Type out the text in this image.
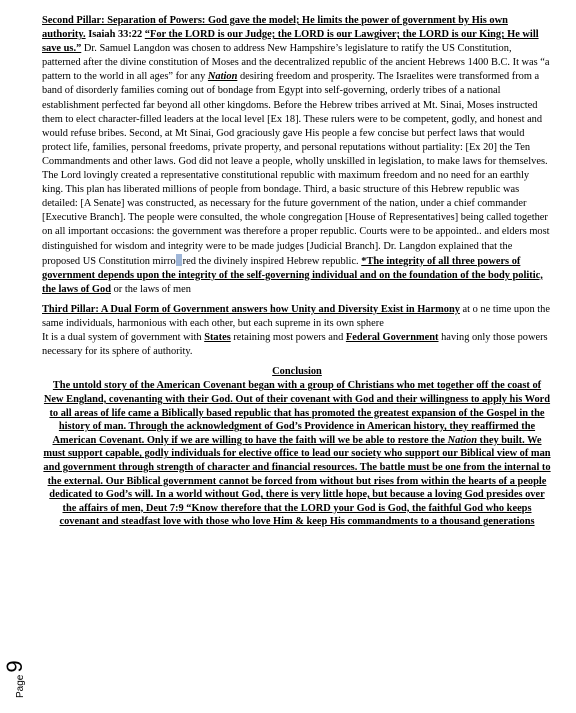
Second Pillar: Separation of Powers: God gave the model; He limits the power of government by His own authority. Isaiah 33:22 “For the LORD is our Judge; the LORD is our Lawgiver; the LORD is our King; He will save us.” Dr. Samuel Langdon was chosen to address New Hampshire’s legislature to ratify the US Constitution, patterned after the divine constitution of Moses and the decentralized republic of the ancient Hebrews 1400 B.C. It was “a pattern to the world in all ages” for any Nation desiring freedom and prosperity. The Israelites were transformed from a band of disorderly families coming out of bondage from Egypt into self-governing, orderly tribes of a national establishment perfected far beyond all other kingdoms. Before the Hebrew tribes arrived at Mt. Sinai, Moses instructed them to elect character-filled leaders at the local level [Ex 18]. These rulers were to be competent, godly, and honest and would refuse bribes. Second, at Mt Sinai, God graciously gave His people a few concise but perfect laws that would protect life, families, personal freedoms, private property, and personal reputations without partiality: [Ex 20] the Ten Commandments and other laws. God did not leave a people, wholly unskilled in legislation, to make laws for themselves. The Lord lovingly created a representative constitutional republic with maximum freedom and no need for an earthly king. This plan has liberated millions of people from bondage. Third, a basic structure of this Hebrew republic was detailed: [A Senate] was constructed, as necessary for the future government of the nation, under a chief commander [Executive Branch]. The people were consulted, the whole congregation [House of Representatives] being called together on all important occasions: the government was therefore a proper republic. Courts were to be appointed.. and elders most distinguished for wisdom and integrity were to be made judges [Judicial Branch]. Dr. Langdon explained that the proposed US Constitution mirro red the divinely inspired Hebrew republic. *The integrity of all three powers of government depends upon the integrity of the self-governing individual and on the foundation of the body politic, the laws of God or the laws of men

Third Pillar: A Dual Form of Government answers how Unity and Diversity Exist in Harmony at o ne time upon the same individuals, harmonious with each other, but each supreme in its own sphere
It is a dual system of government with States retaining most powers and Federal Government having only those powers necessary for its sphere of authority.

Conclusion

The untold story of the American Covenant began with a group of Christians who met together off the coast of New England, covenanting with their God. Out of their covenant with God and their willingness to apply his Word to all areas of life came a Biblically based republic that has promoted the greatest expansion of the Gospel in the history of man. Through the acknowledgment of God’s Providence in American history, they reaffirmed the American Covenant. Only if we are willing to have the faith will we be able to restore the Nation they built. We must support capable, godly individuals for elective office to lead our society who support our Biblical view of man and government through strength of character and financial resources. The battle must be one from the internal to the external. Our Biblical government cannot be forced from without but rises from within the hearts of a people dedicated to God’s will. In a world without God, there is very little hope, but because a loving God presides over the affairs of men, Deut 7:9 “Know therefore that the LORD your God is God, the faithful God who keeps covenant and steadfast love with those who love Him & keep His commandments to a thousand generations

Page
9
